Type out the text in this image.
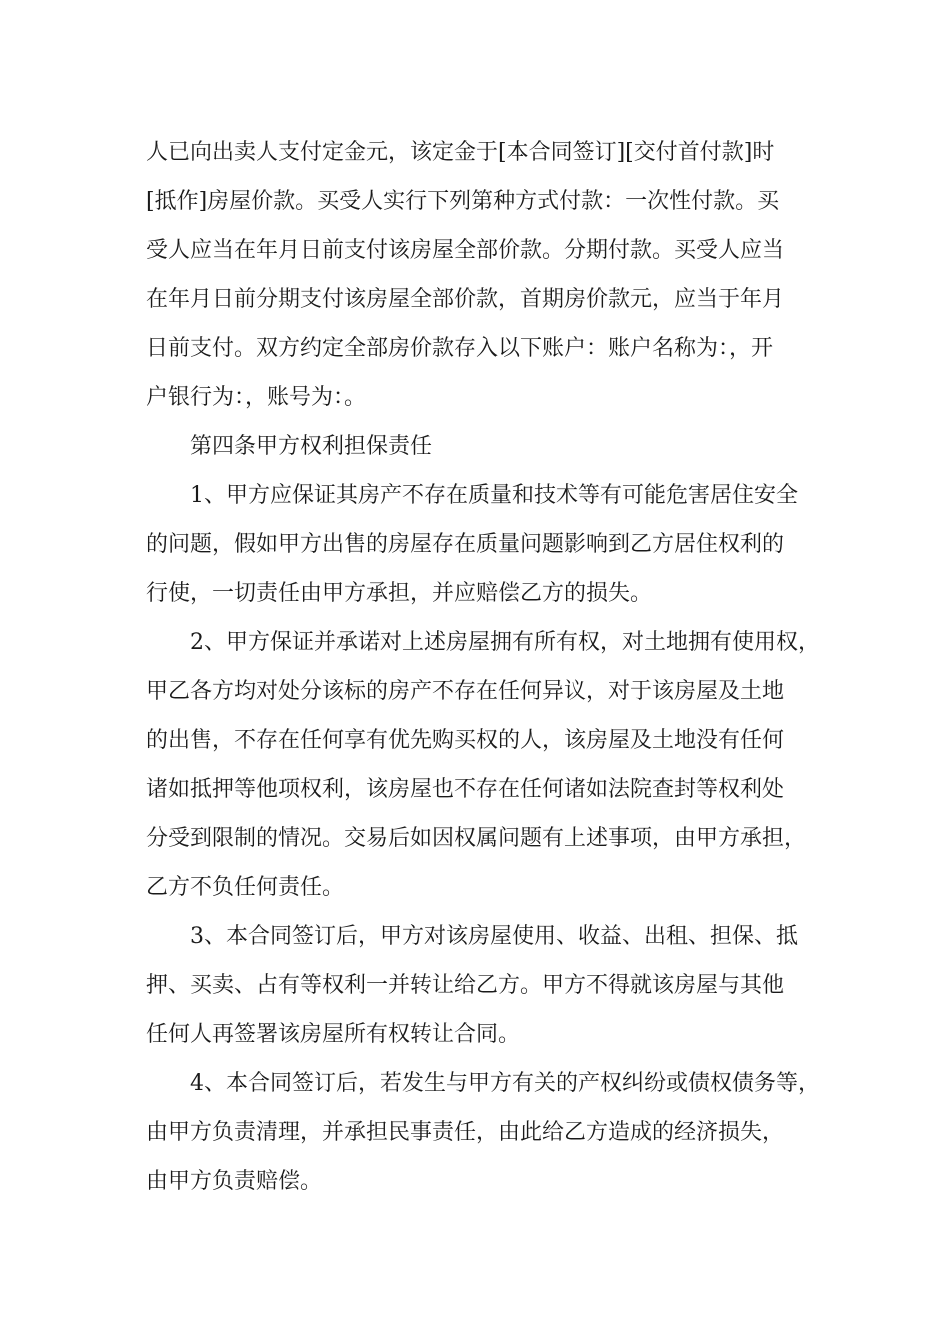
人已向出卖人支付定金元，该定金于[本合同签订][交付首付款]时
[抵作]房屋价款。买受人实行下列第种方式付款：一次性付款。买
受人应当在年月日前支付该房屋全部价款。分期付款。买受人应当
在年月日前分期支付该房屋全部价款，首期房价款元，应当于年月
日前支付。双方约定全部房价款存入以下账户：账户名称为：，开
户银行为：，账号为：。
第四条甲方权利担保责任
1、甲方应保证其房产不存在质量和技术等有可能危害居住安全
的问题，假如甲方出售的房屋存在质量问题影响到乙方居住权利的
行使，一切责任由甲方承担，并应赔偿乙方的损失。
2、甲方保证并承诺对上述房屋拥有所有权，对土地拥有使用权，
甲乙各方均对处分该标的房产不存在任何异议，对于该房屋及土地
的出售，不存在任何享有优先购买权的人，该房屋及土地没有任何
诸如抵押等他项权利，该房屋也不存在任何诸如法院查封等权利处
分受到限制的情况。交易后如因权属问题有上述事项，由甲方承担，
乙方不负任何责任。
3、本合同签订后，甲方对该房屋使用、收益、出租、担保、抵
押、买卖、占有等权利一并转让给乙方。甲方不得就该房屋与其他
任何人再签署该房屋所有权转让合同。
4、本合同签订后，若发生与甲方有关的产权纠纷或债权债务等，
由甲方负责清理，并承担民事责任，由此给乙方造成的经济损失，
由甲方负责赔偿。
